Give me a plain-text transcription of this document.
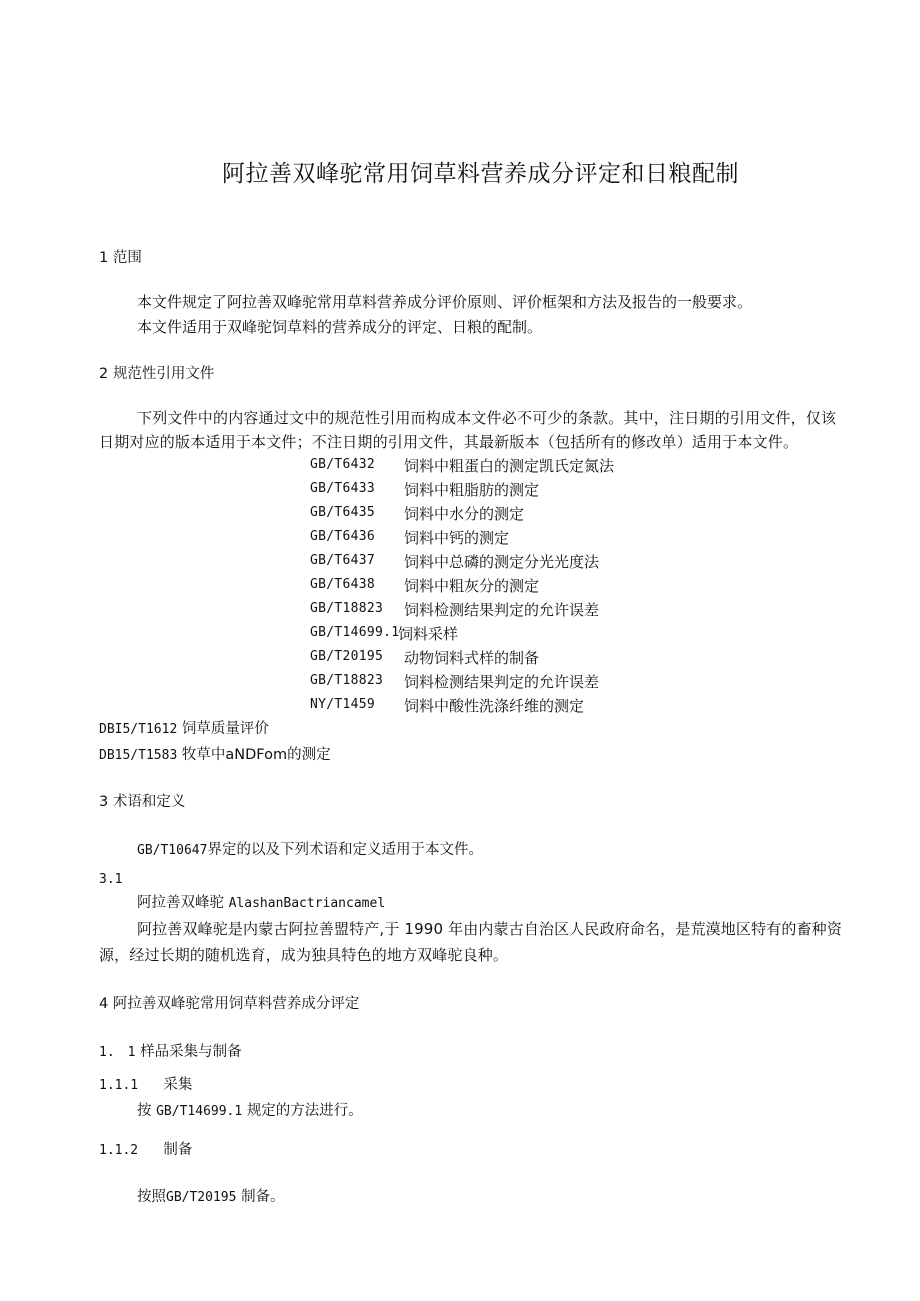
阿拉善双峰驼常用饲草料营养成分评定和日粮配制
1 范围
本文件规定了阿拉善双峰驼常用草料营养成分评价原则、评价框架和方法及报告的一般要求。
本文件适用于双峰驼饲草料的营养成分的评定、日粮的配制。
2 规范性引用文件
下列文件中的内容通过文中的规范性引用而构成本文件必不可少的条款。其中，注日期的引用文件，仅该
日期对应的版本适用于本文件；不注日期的引用文件，其最新版本（包括所有的修改单）适用于本文件。
GB/T6432 饲料中粗蛋白的测定凯氏定氮法
GB/T6433 饲料中粗脂肪的测定
GB/T6435 饲料中水分的测定
GB/T6436 饲料中钙的测定
GB/T6437 饲料中总磷的测定分光光度法
GB/T6438 饲料中粗灰分的测定
GB/T18823 饲料检测结果判定的允许误差
GB/T14699.1
饲料采样
GB/T20195 动物饲料式样的制备
GB/T18823 饲料检测结果判定的允许误差
NY/T1459 饲料中酸性洗涤纤维的测定
DBI5/T1612 饲草质量评价
DB15/T1583 牧草中aNDFom的测定
3 术语和定义
GB/T10647界定的以及下列术语和定义适用于本文件。
3.1
阿拉善双峰驼 AlashanBactriancamel
阿拉善双峰驼是内蒙古阿拉善盟特产,于 1990 年由内蒙古自治区人民政府命名，是荒漠地区特有的畜种资
源，经过长期的随机选育，成为独具特色的地方双峰驼良种。
4 阿拉善双峰驼常用饲草料营养成分评定
1.　1 样品采集与制备
1.1.1 采集
按 GB/T14699.1 规定的方法进行。
1.1.2 制备
按照GB/T20195 制备。
